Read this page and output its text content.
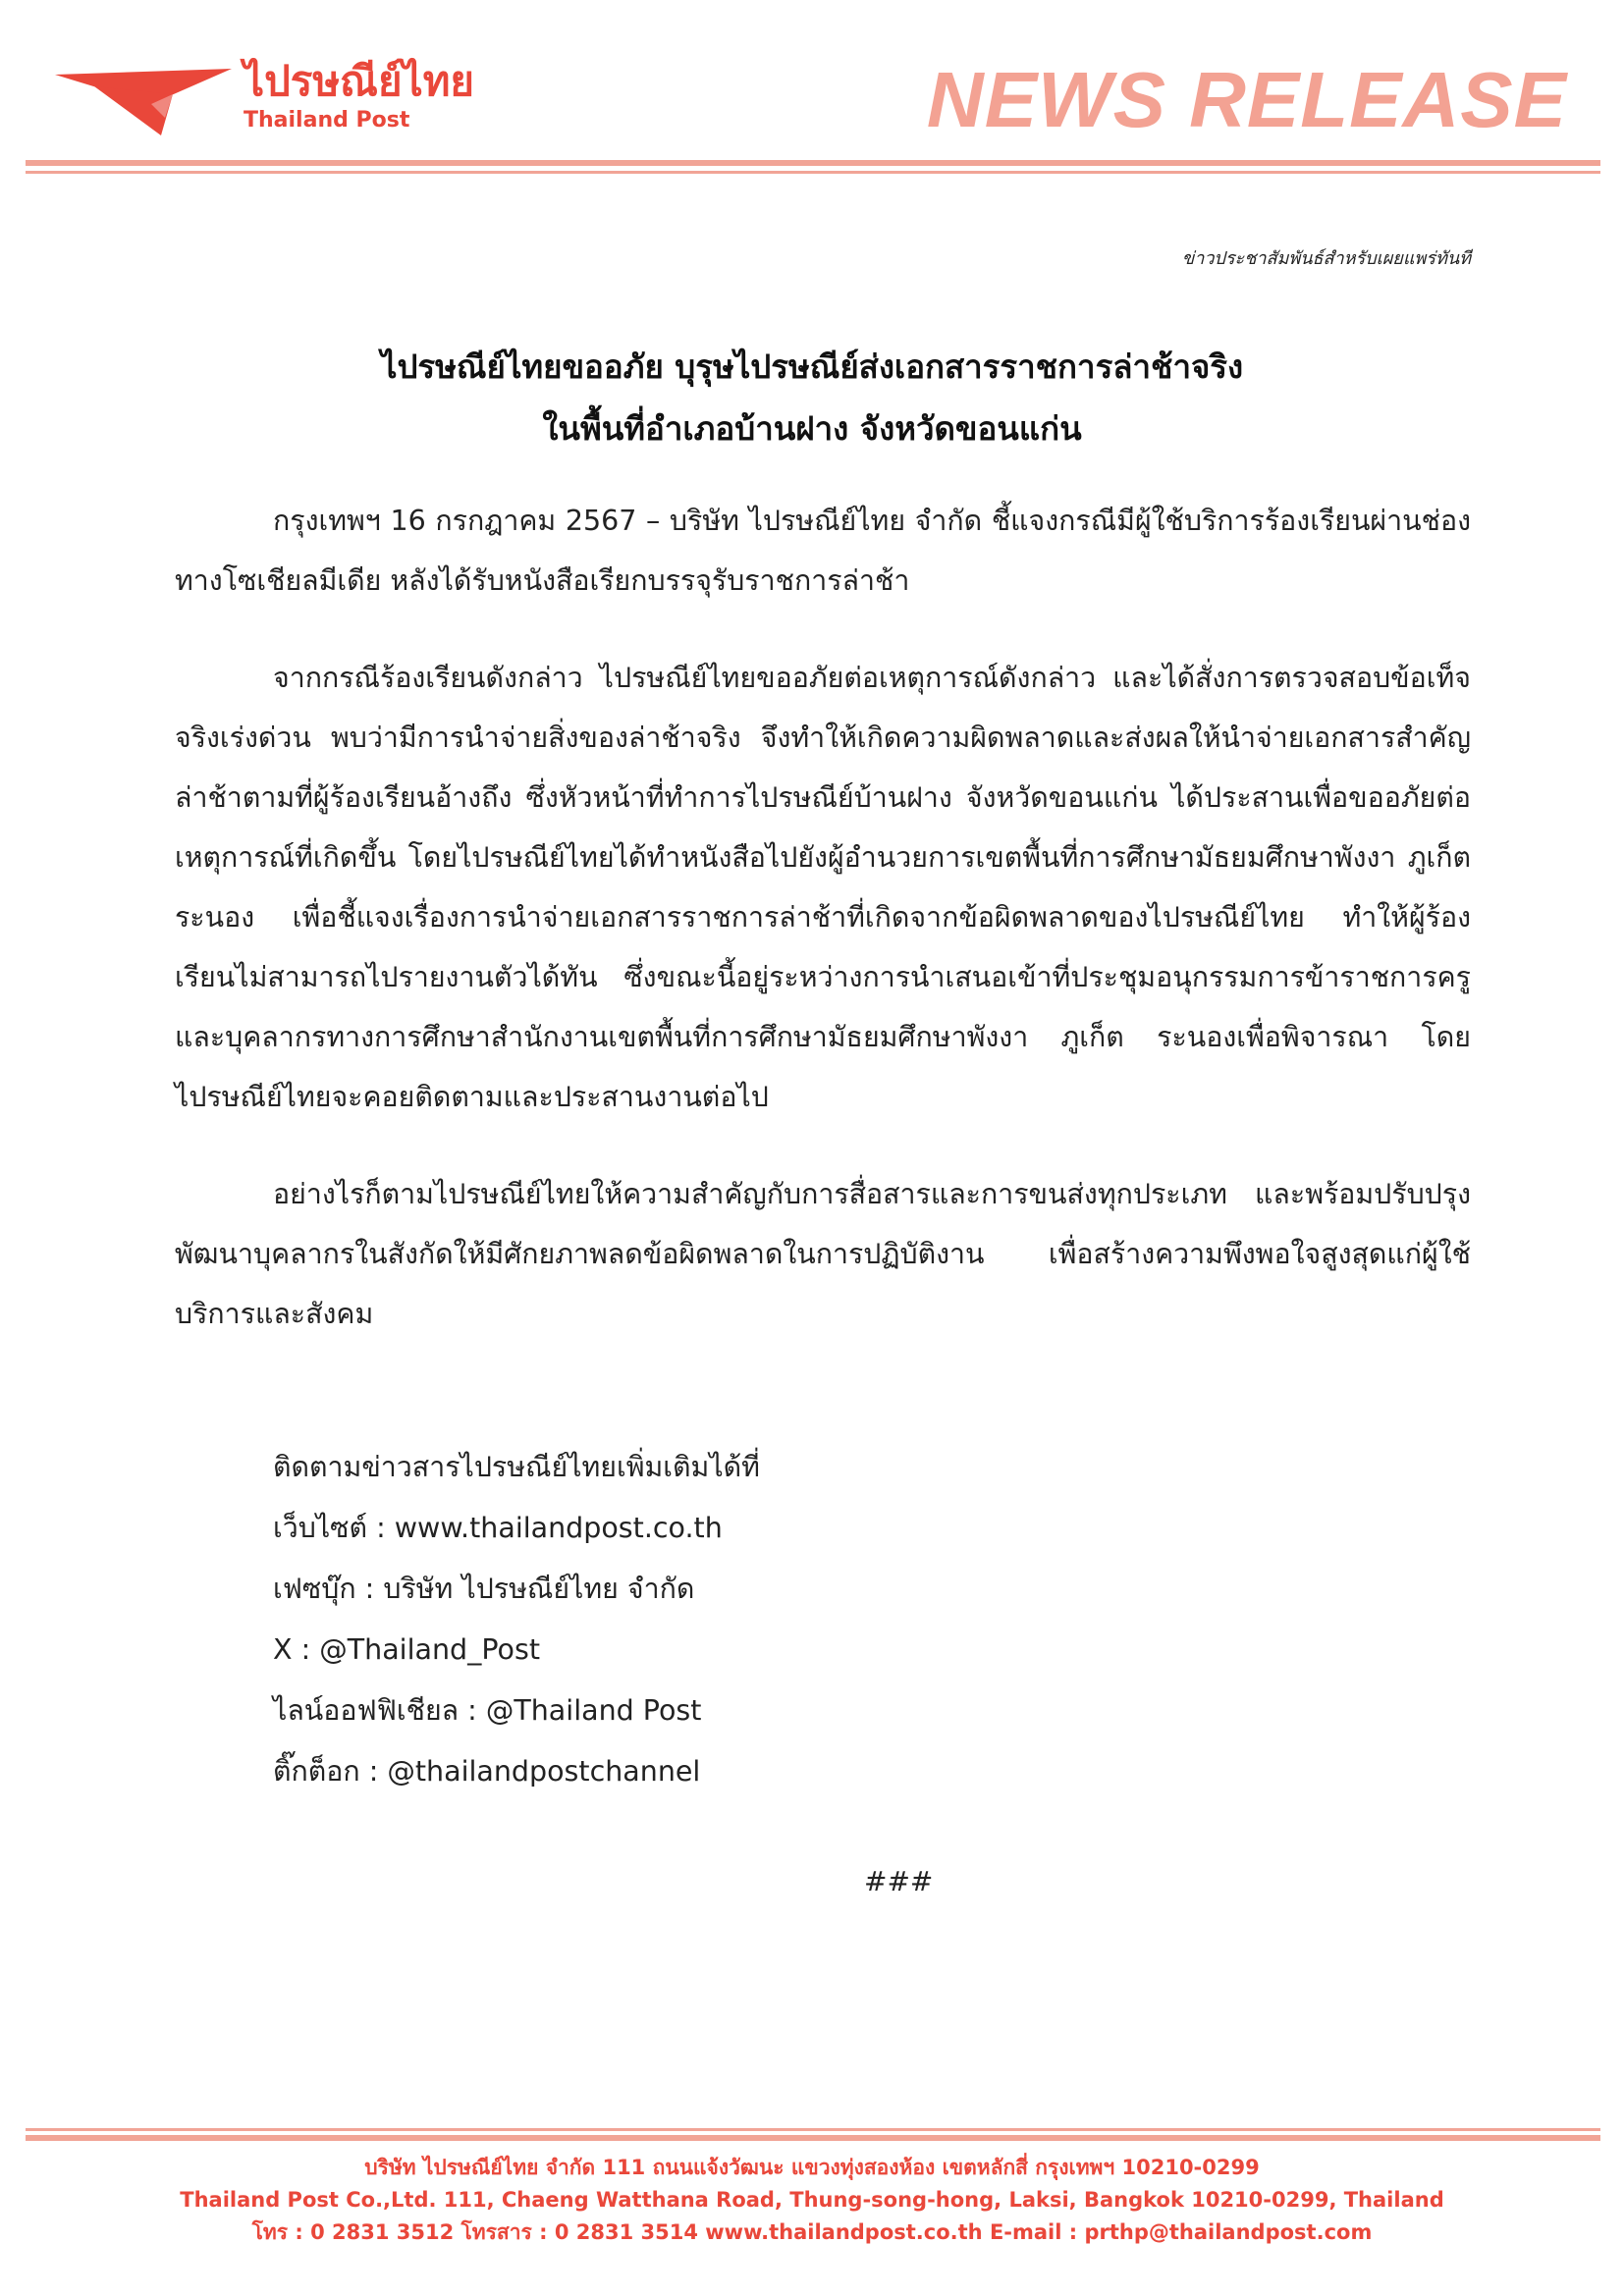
ไปรษณีย์ไทย
Thailand Post	NEWS RELEASE
ข่าวประชาสัมพันธ์สำหรับเผยแพร่ทันที
ไปรษณีย์ไทยขออภัย บุรุษไปรษณีย์ส่งเอกสารราชการล่าช้าจริง
ในพื้นที่อำเภอบ้านฝาง จังหวัดขอนแก่น

กรุงเทพฯ 16 กรกฎาคม 2567 – บริษัท ไปรษณีย์ไทย จำกัด ชี้แจงกรณีมีผู้ใช้บริการร้องเรียนผ่านช่องทางโซเชียลมีเดีย หลังได้รับหนังสือเรียกบรรจุรับราชการล่าช้า

จากกรณีร้องเรียนดังกล่าว ไปรษณีย์ไทยขออภัยต่อเหตุการณ์ดังกล่าว และได้สั่งการตรวจสอบข้อเท็จจริงเร่งด่วน พบว่ามีการนำจ่ายสิ่งของล่าช้าจริง จึงทำให้เกิดความผิดพลาดและส่งผลให้นำจ่ายเอกสารสำคัญล่าช้าตามที่ผู้ร้องเรียนอ้างถึง ซึ่งหัวหน้าที่ทำการไปรษณีย์บ้านฝาง จังหวัดขอนแก่น ได้ประสานเพื่อขออภัยต่อเหตุการณ์ที่เกิดขึ้น โดยไปรษณีย์ไทยได้ทำหนังสือไปยังผู้อำนวยการเขตพื้นที่การศึกษามัธยมศึกษาพังงา ภูเก็ต ระนอง เพื่อชี้แจงเรื่องการนำจ่ายเอกสารราชการล่าช้าที่เกิดจากข้อผิดพลาดของไปรษณีย์ไทย ทำให้ผู้ร้องเรียนไม่สามารถไปรายงานตัวได้ทัน ซึ่งขณะนี้อยู่ระหว่างการนำเสนอเข้าที่ประชุมอนุกรรมการข้าราชการครูและบุคลากรทางการศึกษาสำนักงานเขตพื้นที่การศึกษามัธยมศึกษาพังงา ภูเก็ต ระนองเพื่อพิจารณา โดยไปรษณีย์ไทยจะคอยติดตามและประสานงานต่อไป

อย่างไรก็ตามไปรษณีย์ไทยให้ความสำคัญกับการสื่อสารและการขนส่งทุกประเภท และพร้อมปรับปรุงพัฒนาบุคลากรในสังกัดให้มีศักยภาพลดข้อผิดพลาดในการปฏิบัติงาน เพื่อสร้างความพึงพอใจสูงสุดแก่ผู้ใช้บริการและสังคม

ติดตามข่าวสารไปรษณีย์ไทยเพิ่มเติมได้ที่
เว็บไซต์ : www.thailandpost.co.th
เฟซบุ๊ก : บริษัท ไปรษณีย์ไทย จำกัด
X : @Thailand_Post
ไลน์ออฟฟิเชียล : @Thailand Post
ติ๊กต็อก : @thailandpostchannel
###
บริษัท ไปรษณีย์ไทย จำกัด 111 ถนนแจ้งวัฒนะ แขวงทุ่งสองห้อง เขตหลักสี่ กรุงเทพฯ 10210-0299
Thailand Post Co.,Ltd. 111, Chaeng Watthana Road, Thung-song-hong, Laksi, Bangkok 10210-0299, Thailand
โทร : 0 2831 3512 โทรสาร : 0 2831 3514 www.thailandpost.co.th E-mail : prthp@thailandpost.com
